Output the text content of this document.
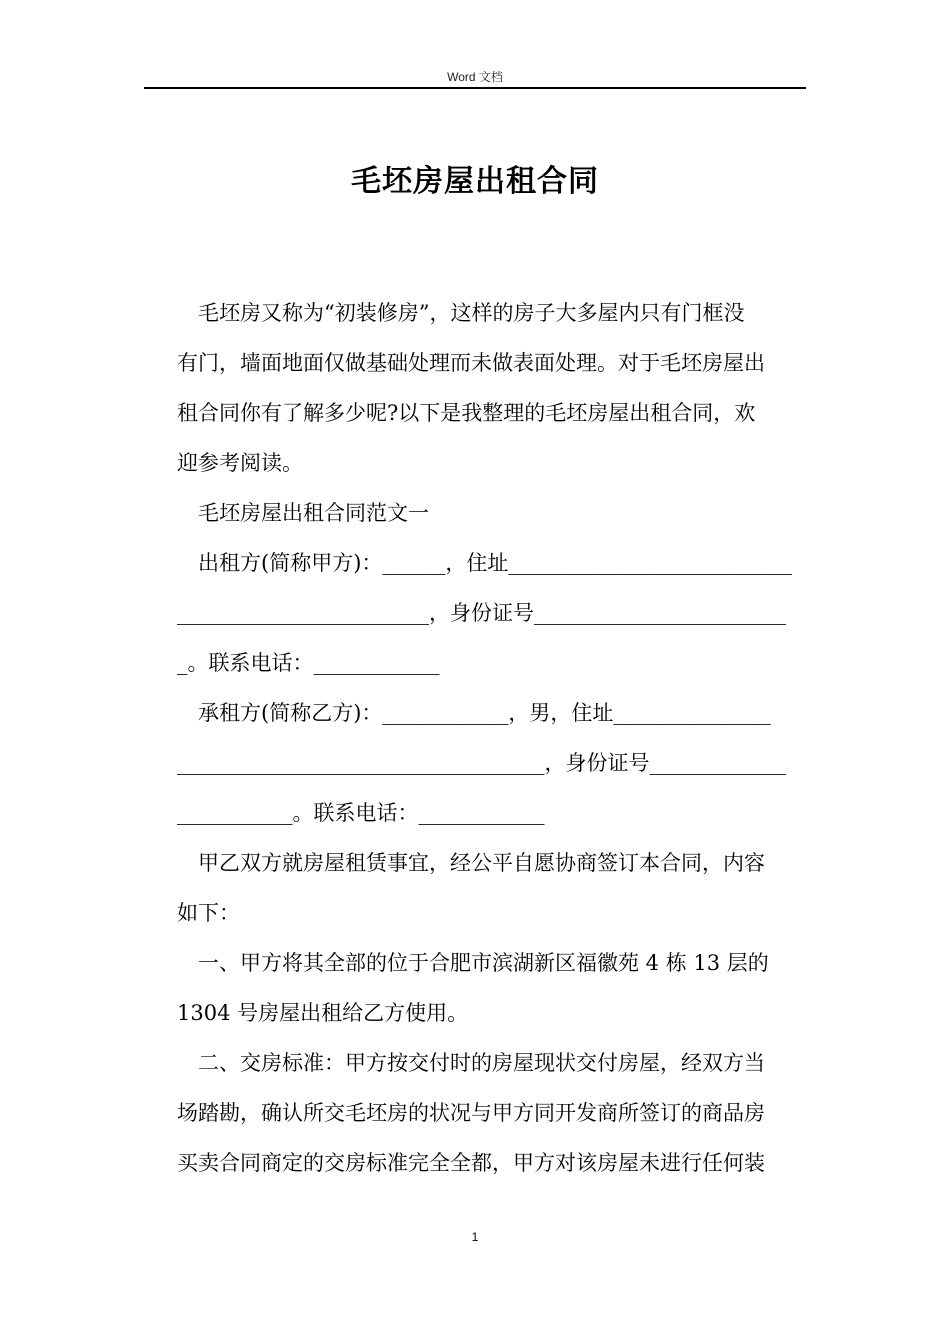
Word 文档
毛坯房屋出租合同
毛坯房又称为“初装修房”，这样的房子大多屋内只有门框没
有门，墙面地面仅做基础处理而未做表面处理。对于毛坯房屋出
租合同你有了解多少呢?以下是我整理的毛坯房屋出租合同，欢
迎参考阅读。
毛坯房屋出租合同范文一
出租方(简称甲方)：______，住址___________________________
________________________，身份证号________________________
_。联系电话：____________
承租方(简称乙方)：____________，男，住址_______________
___________________________________，身份证号_____________
___________。联系电话：____________
甲乙双方就房屋租赁事宜，经公平自愿协商签订本合同，内容
如下：
一、甲方将其全部的位于合肥市滨湖新区福徽苑 4 栋 13 层的
1304 号房屋出租给乙方使用。
二、交房标准：甲方按交付时的房屋现状交付房屋，经双方当
场踏勘，确认所交毛坯房的状况与甲方同开发商所签订的商品房
买卖合同商定的交房标准完全全都，甲方对该房屋未进行任何装
1
